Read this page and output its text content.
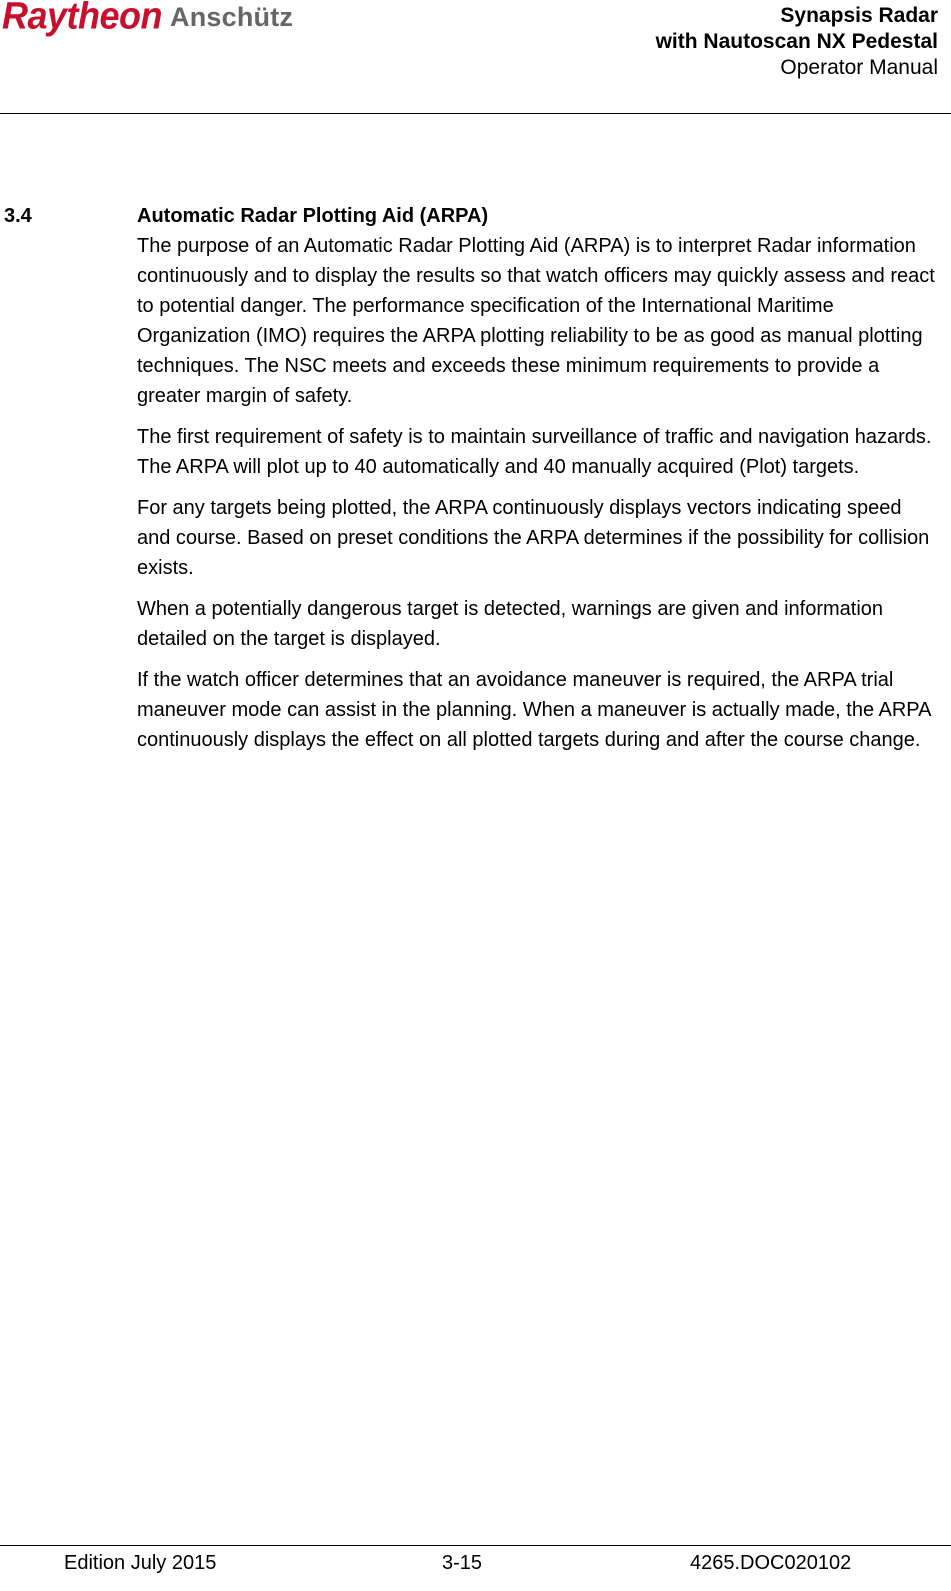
Raytheon Anschütz	Synapsis Radar
with Nautoscan NX Pedestal
Operator Manual
3.4	Automatic Radar Plotting Aid (ARPA)

The purpose of an Automatic Radar Plotting Aid (ARPA) is to interpret Radar information continuously and to display the results so that watch officers may quickly assess and react to potential danger. The performance specification of the International Maritime Organization (IMO) requires the ARPA plotting reliability to be as good as manual plotting techniques. The NSC meets and exceeds these minimum requirements to provide a greater margin of safety.

The first requirement of safety is to maintain surveillance of traffic and navigation hazards. The ARPA will plot up to 40 automatically and 40 manually acquired (Plot) targets.

For any targets being plotted, the ARPA continuously displays vectors indicating speed and course. Based on preset conditions the ARPA determines if the possibility for collision exists.

When a potentially dangerous target is detected, warnings are given and information detailed on the target is displayed.

If the watch officer determines that an avoidance maneuver is required, the ARPA trial maneuver mode can assist in the planning. When a maneuver is actually made, the ARPA continuously displays the effect on all plotted targets during and after the course change.

Edition July 2015	3-15	4265.DOC020102
